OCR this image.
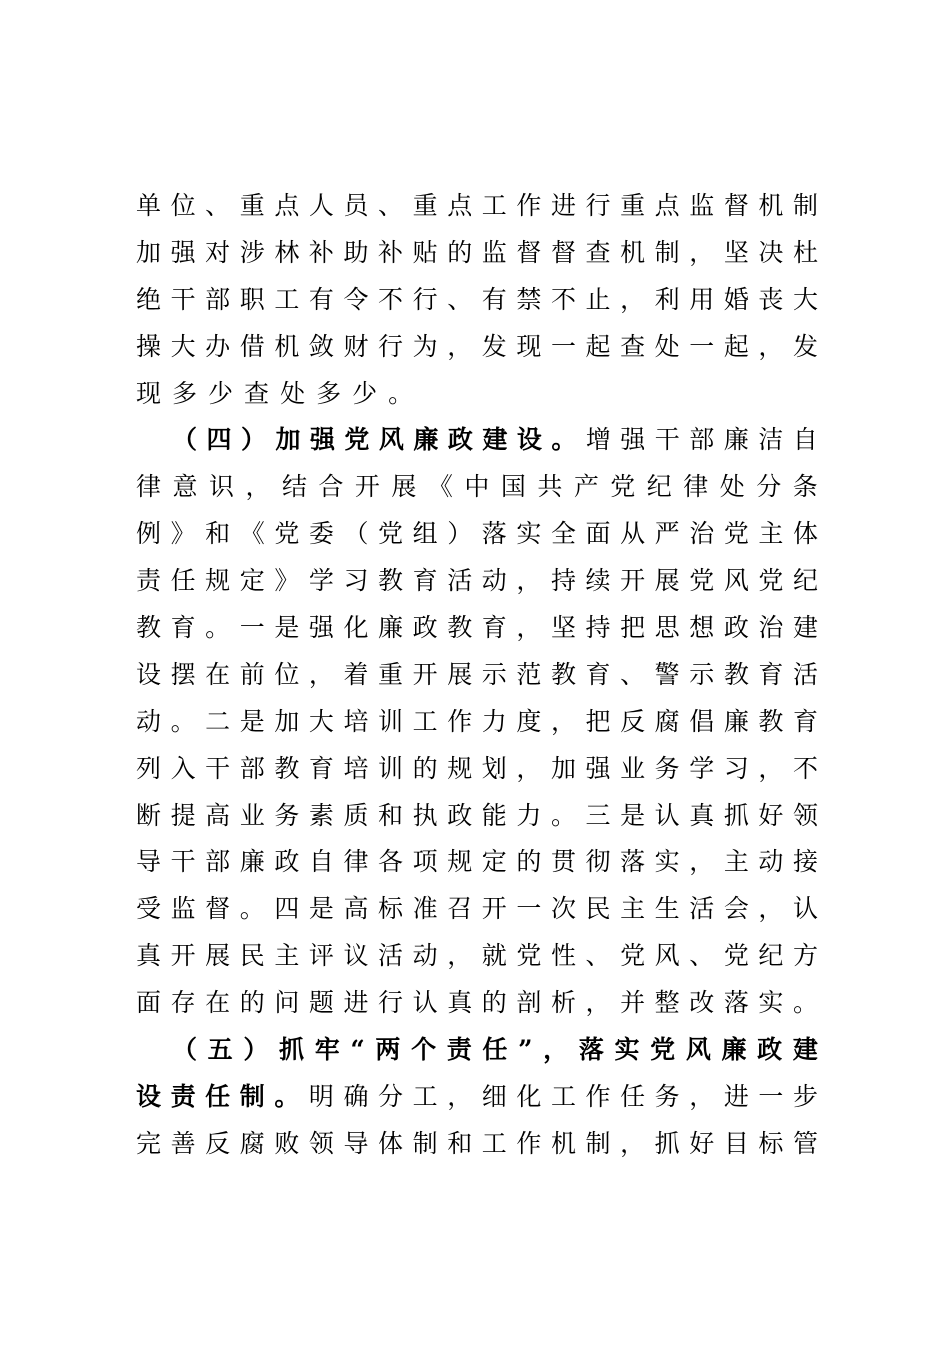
单 位 、 重 点 人 员 、 重 点 工 作 进 行 重 点 监 督 机 制
加 强 对 涉 林 补 助 补 贴 的 监 督 督 查 机 制 ， 坚 决 杜
绝 干 部 职 工 有 令 不 行 、 有 禁 不 止 ， 利 用 婚 丧 大
操 大 办 借 机 敛 财 行 为 ， 发 现 一 起 查 处 一 起 ， 发
现 多 少 查 处 多 少 。
（ 四 ） 加 强 党 风 廉 政 建 设 。 增 强 干 部 廉 洁 自
律 意 识 ， 结 合 开 展 《 中 国 共 产 党 纪 律 处 分 条
例 》 和 《 党 委 （ 党 组 ） 落 实 全 面 从 严 治 党 主 体
责 任 规 定 》 学 习 教 育 活 动 ， 持 续 开 展 党 风 党 纪
教 育 。 一 是 强 化 廉 政 教 育 ， 坚 持 把 思 想 政 治 建
设 摆 在 前 位 ， 着 重 开 展 示 范 教 育 、 警 示 教 育 活
动 。 二 是 加 大 培 训 工 作 力 度 ， 把 反 腐 倡 廉 教 育
列 入 干 部 教 育 培 训 的 规 划 ， 加 强 业 务 学 习 ， 不
断 提 高 业 务 素 质 和 执 政 能 力 。 三 是 认 真 抓 好 领
导 干 部 廉 政 自 律 各 项 规 定 的 贯 彻 落 实 ， 主 动 接
受 监 督 。 四 是 高 标 准 召 开 一 次 民 主 生 活 会 ， 认
真 开 展 民 主 评 议 活 动 ， 就 党 性 、 党 风 、 党 纪 方
面 存 在 的 问 题 进 行 认 真 的 剖 析 ， 并 整 改 落 实 。
（ 五 ） 抓 牢 “ 两 个 责 任 ” ， 落 实 党 风 廉 政 建
设 责 任 制 。 明 确 分 工 ， 细 化 工 作 任 务 ， 进 一 步
完 善 反 腐 败 领 导 体 制 和 工 作 机 制 ， 抓 好 目 标 管
